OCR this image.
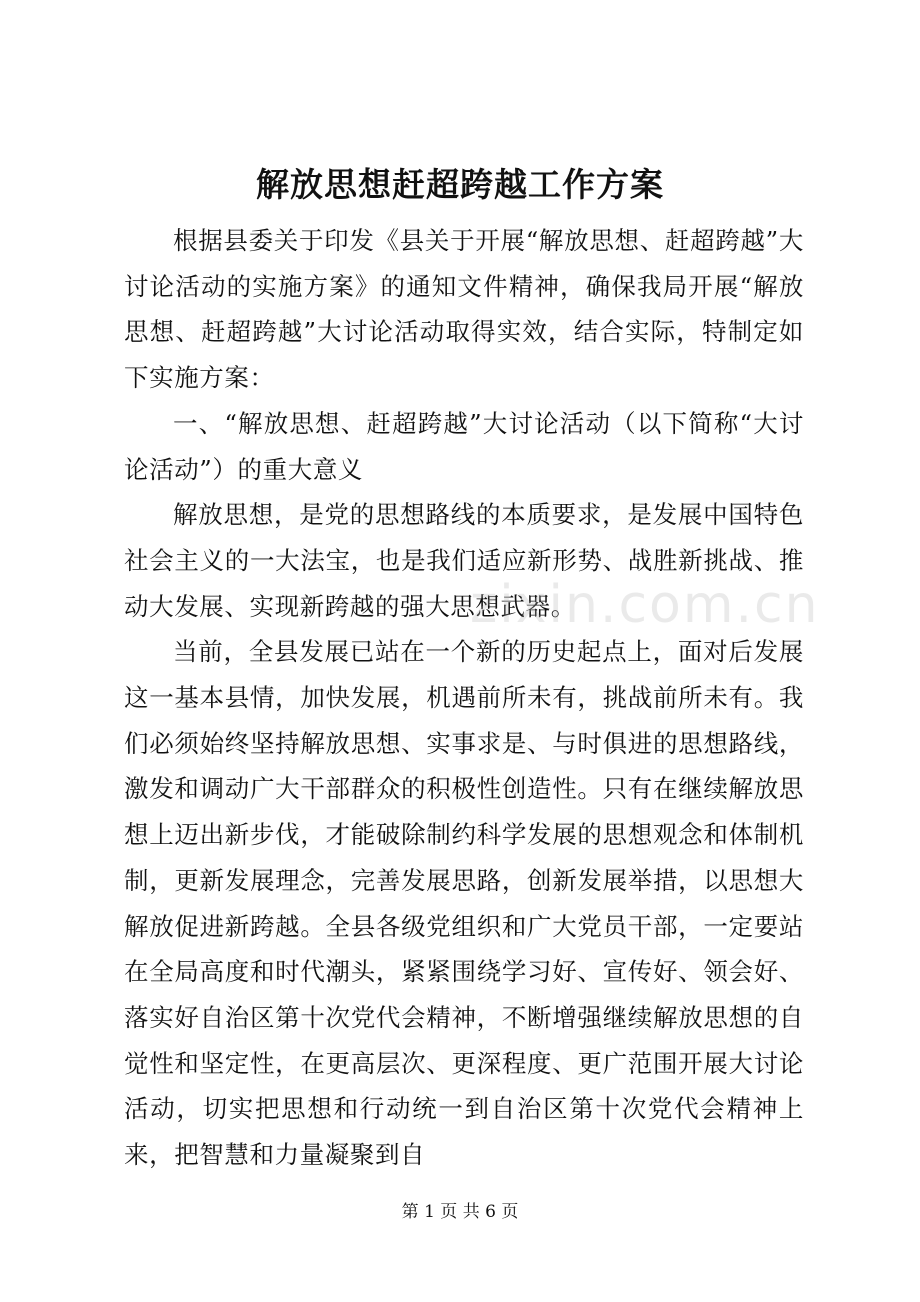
解放思想赶超跨越工作方案

根据县委关于印发《县关于开展“解放思想、赶超跨越”大讨论活动的实施方案》的通知文件精神，确保我局开展“解放思想、赶超跨越”大讨论活动取得实效，结合实际，特制定如下实施方案：

一、“解放思想、赶超跨越”大讨论活动（以下简称“大讨论活动”）的重大意义

解放思想，是党的思想路线的本质要求，是发展中国特色社会主义的一大法宝，也是我们适应新形势、战胜新挑战、推动大发展、实现新跨越的强大思想武器。

当前，全县发展已站在一个新的历史起点上，面对后发展这一基本县情，加快发展，机遇前所未有，挑战前所未有。我们必须始终坚持解放思想、实事求是、与时俱进的思想路线，激发和调动广大干部群众的积极性创造性。只有在继续解放思想上迈出新步伐，才能破除制约科学发展的思想观念和体制机制，更新发展理念，完善发展思路，创新发展举措，以思想大解放促进新跨越。全县各级党组织和广大党员干部，一定要站在全局高度和时代潮头，紧紧围绕学习好、宣传好、领会好、落实好自治区第十次党代会精神，不断增强继续解放思想的自觉性和坚定性，在更高层次、更深程度、更广范围开展大讨论活动，切实把思想和行动统一到自治区第十次党代会精神上来，把智慧和力量凝聚到自

zixin.com.cn
第 1 页 共 6 页
